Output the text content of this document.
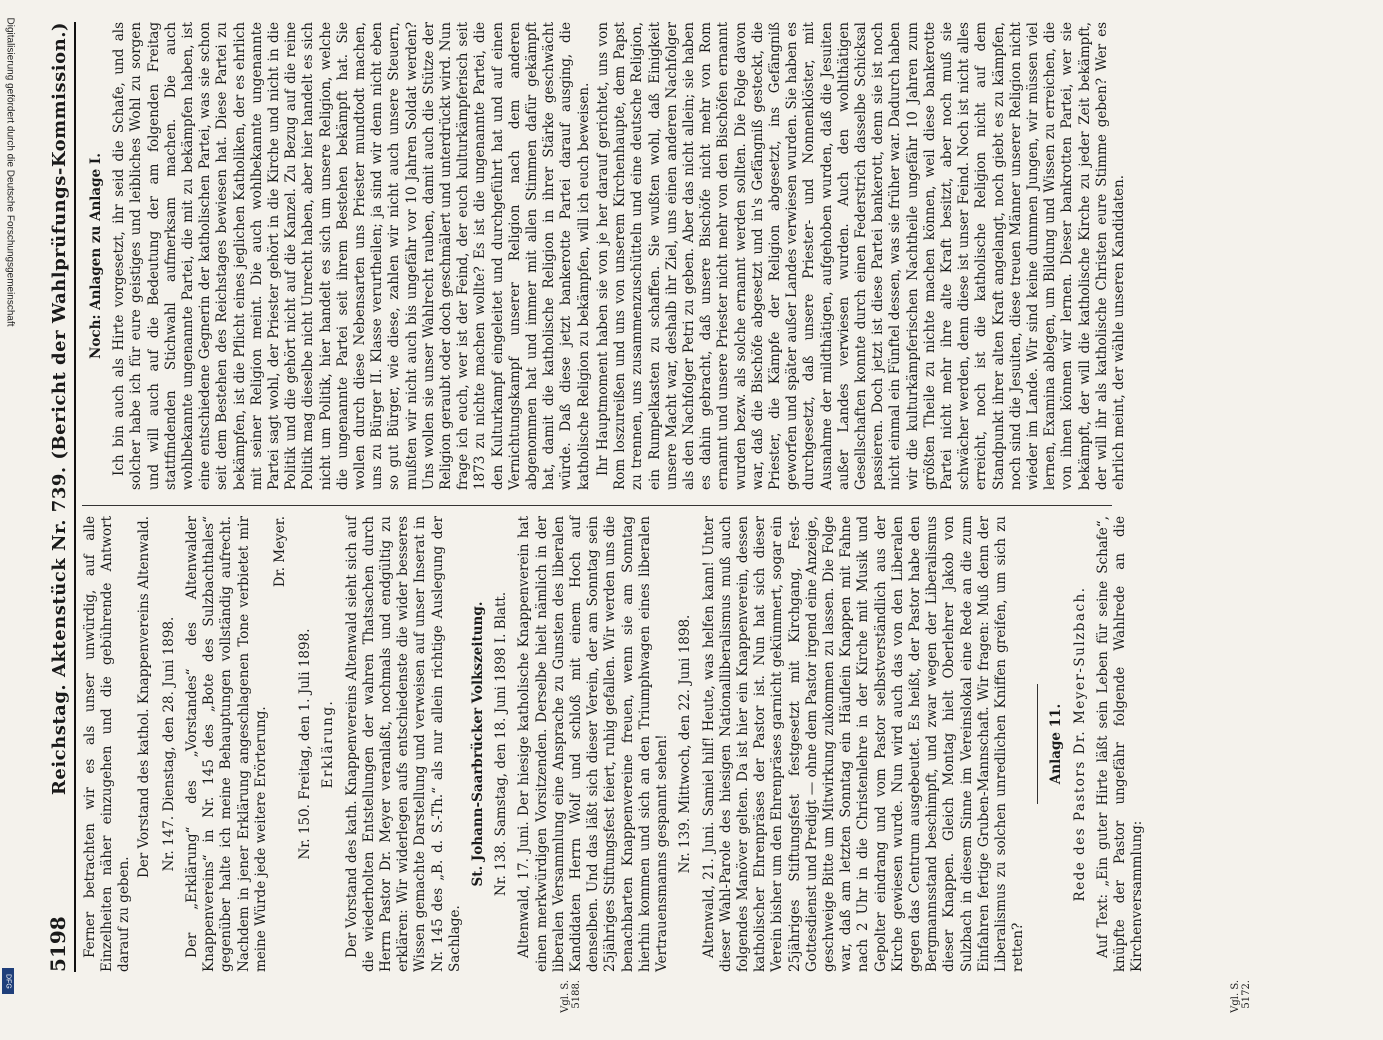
Digitalisierung gefördert durch die Deutsche Forschungsgemeinschaft
DFG
5198
Reichstag. Aktenstück Nr. 739. (Bericht der Wahlprüfungs-Kommission.) Ferner betrachten wir es als unser unwürdig, auf alle Einzelheiten näher einzugehen und die gebührende Antwort darauf zu geben.

Der Vorstand des kathol. Knappenvereins Altenwald. Nr. 147. Dienstag, den 28. Juni 1898. Der „Erklärung“ des „Vorstandes“ des Altenwalder Knappenvereins“ in Nr. 145 des „Bote des Sulzbachthales“ gegenüber halte ich meine Behauptungen vollständig aufrecht. Nachdem in jener Erklärung angeschlagenen Tone verbietet mir meine Würde jede weitere Erörterung.

Dr. Meyer.

Nr. 150. Freitag, den 1. Juli 1898. Erklärung. Der Vorstand des kath. Knappenvereins Altenwald sieht sich auf die wiederholten Entstellungen der wahren Thatsachen durch Herrn Pastor Dr. Meyer veranlaßt, nochmals und endgültig zu erklären: Wir widerlegen aufs entschiedenste die wider besseres Wissen gemachte Darstellung und verweisen auf unser Inserat in Nr. 145 des „B. d. S.-Th.“ als nur allein richtige Auslegung der Sachlage.

St. Johann-Saarbrücker Volkszeitung. Nr. 138. Samstag, den 18. Juni 1898 I. Blatt. Altenwald, 17. Juni. Der hiesige katholische Knappenverein hat einen merkwürdigen Vorsitzenden. Derselbe hielt nämlich in der liberalen Versammlung eine Ansprache zu Gunsten des liberalen Kandidaten Herrn Wolf und schloß mit einem Hoch auf denselben. Und das läßt sich dieser Verein, der am Sonntag sein 25jähriges Stiftungsfest feiert, ruhig gefallen. Wir werden uns die benachbarten Knappenvereine freuen, wenn sie am Sonntag hierhin kommen und sich an den Triumphwagen eines liberalen Vertrauensmanns gespannt sehen! Nr. 139. Mittwoch, den 22. Juni 1898. Altenwald, 21. Juni. Samiel hilf! Heute, was helfen kann! Unter dieser Wahl-Parole des hiesigen Nationalliberalismus muß auch folgendes Manöver gelten. Da ist hier ein Knappenverein, dessen katholischer Ehrenpräses der Pastor ist. Nun hat sich dieser Verein bisher um den Ehrenpräses garnicht gekümmert, sogar ein 25jähriges Stiftungsfest festgesetzt mit Kirchgang, Fest-Gottesdienst und Predigt — ohne dem Pastor irgend eine Anzeige, geschweige Bitte um Mitwirkung zukommen zu lassen. Die Folge war, daß am letzten Sonntag ein Häuflein Knappen mit Fahne nach 2 Uhr in die Christenlehre in der Kirche mit Musik und Gepolter eindrang und vom Pastor selbstverständlich aus der Kirche gewiesen wurde. Nun wird auch das von den Liberalen gegen das Centrum ausgebeutet. Es heißt, der Pastor habe den Bergmannsstand beschimpft, und zwar wegen der Liberalismus dieser Knappen. Gleich Montag hielt Oberlehrer Jakob von Sulzbach in diesem Sinne im Vereinslokal eine Rede an die zum Einfahren fertige Gruben-Mannschaft. Wir fragen: Muß denn der Liberalismus zu solchen unredlichen Kniffen greifen, um sich zu retten?

Anlage 11. Rede des Pastors Dr. Meyer-Sulzbach. Auf Text: „Ein guter Hirte läßt sein Leben für seine Schafe“, knüpfte der Pastor ungefähr folgende Wahlrede an die Kirchenversammlung:

Vgl. S. 5188.	Vgl. S. 5172.

Noch: Anlagen zu Anlage I. Ich bin auch als Hirte vorgesetzt, ihr seid die Schafe, und als solcher habe ich für eure geistiges und leibliches Wohl zu sorgen und will auch auf die Bedeutung der am folgenden Freitag stattfindenden Stichwahl aufmerksam machen. Die auch wohlbekannte ungenannte Partei, die mit zu bekämpfen haben, ist eine entschiedene Gegnerin der katholischen Partei, was sie schon seit dem Bestehen des Reichstages bewiesen hat. Diese Partei zu bekämpfen, ist die Pflicht eines jeglichen Katholiken, der es ehrlich mit seiner Religion meint. Die auch wohlbekannte ungenannte Partei sagt wohl, der Priester gehört in die Kirche und nicht in die Politik und die gehört nicht auf die Kanzel. Zu Bezug auf die reine Politik mag dieselbe nicht Unrecht haben, aber hier handelt es sich nicht um Politik, hier handelt es sich um unsere Religion, welche die ungenannte Partei seit ihrem Bestehen bekämpft hat. Sie wollen durch diese Nebensarten uns Priester mundtodt machen, uns zu Bürger II. Klasse verurtheilen; ja sind wir denn nicht eben so gut Bürger, wie diese, zahlen wir nicht auch unsere Steuern, mußten wir nicht auch bis ungefähr vor 10 Jahren Soldat werden? Uns wollen sie unser Wahlrecht rauben, damit auch die Stütze der Religion geraubt oder doch geschmälert und unterdrückt wird. Nun frage ich euch, wer ist der Feind, der euch kulturkämpferisch seit 1873 zu nichte machen wollte? Es ist die ungenannte Partei, die den Kulturkampf eingeleitet und durchgeführt hat und auf einen Vernichtungskampf unserer Religion nach dem anderen abgenommen hat und immer mit allen Stimmen dafür gekämpft hat, damit die katholische Religion in ihrer Stärke geschwächt würde. Daß diese jetzt bankerotte Partei darauf ausging, die katholische Religion zu bekämpfen, will ich euch beweisen. Ihr Hauptmoment haben sie von je her darauf gerichtet, uns von Rom loszureißen und uns von unserem Kirchenhaupte, dem Papst zu trennen, uns zusammenzuschütteln und eine deutsche Religion, ein Rumpelkasten zu schaffen. Sie wußten wohl, daß Einigkeit unsere Macht war, deshalb ihr Ziel, uns einen anderen Nachfolger als den Nachfolger Petri zu geben. Aber das nicht allein; sie haben es dahin gebracht, daß unsere Bischöfe nicht mehr von Rom ernannt und unsere Priester nicht mehr von den Bischöfen ernannt wurden bezw. als solche ernannt werden sollten. Die Folge davon war, daß die Bischöfe abgesetzt und in's Gefängniß gesteckt, die Priester, die Kämpfe der Religion abgesetzt, ins Gefängniß geworfen und später außer Landes verwiesen wurden. Sie haben es durchgesetzt, daß unsere Priester- und Nonnenklöster, mit Ausnahme der mildthätigen, aufgehoben wurden, daß die Jesuiten außer Landes verwiesen wurden. Auch den wohlthätigen Gesellschaften konnte durch einen Federstrich dasselbe Schicksal passieren. Doch jetzt ist diese Partei bankerott, denn sie ist noch nicht einmal ein Fünftel dessen, was sie früher war. Dadurch haben wir die kulturkämpferischen Nachtheile ungefähr 10 Jahren zum größten Theile zu nichte machen können, weil diese bankerotte Partei nicht mehr ihre alte Kraft besitzt, aber noch muß sie schwächer werden, denn diese ist unser Feind. Noch ist nicht alles erreicht, noch ist die katholische Religion nicht auf dem Standpunkt ihrer alten Kraft angelangt, noch giebt es zu kämpfen, noch sind die Jesuiten, diese treuen Männer unserer Religion nicht wieder im Lande. Wir sind keine dummen Jungen, wir müssen viel lernen, Examina ablegen, um Bildung und Wissen zu erreichen, die von ihnen können wir lernen. Dieser bankrotten Partei, wer sie bekämpft, der will die katholische Kirche zu jeder Zeit bekämpft, der will ihr als katholische Christen eure Stimme geben? Wer es ehrlich meint, der wähle unseren Kandidaten.
